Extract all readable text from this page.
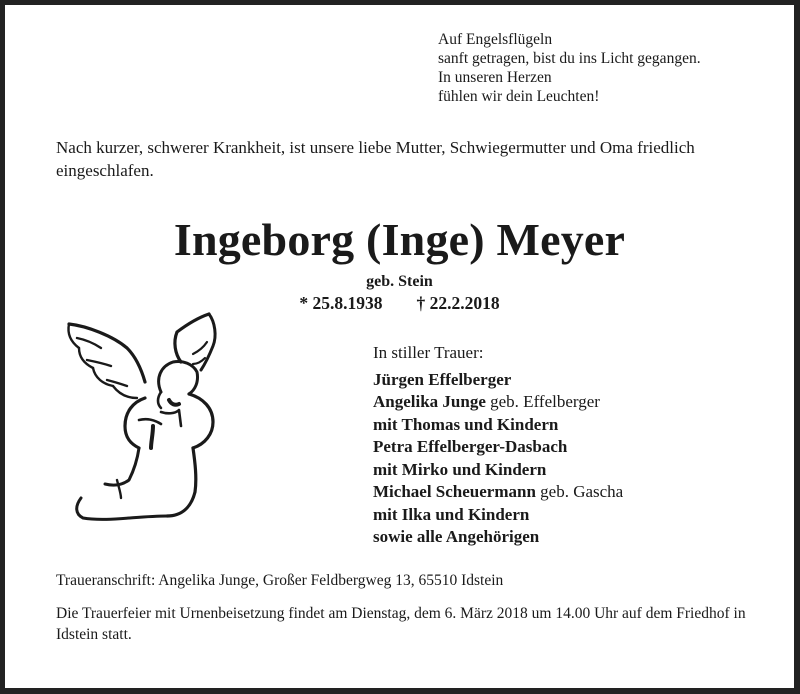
Auf Engelsflügeln
sanft getragen, bist du ins Licht gegangen.
In unseren Herzen
fühlen wir dein Leuchten!
Nach kurzer, schwerer Krankheit, ist unsere liebe Mutter, Schwiegermutter und Oma friedlich eingeschlafen.
Ingeborg (Inge) Meyer
geb. Stein
* 25.8.1938 † 22.2.2018
In stiller Trauer:
Jürgen Effelberger
Angelika Junge geb. Effelberger
mit Thomas und Kindern
Petra Effelberger-Dasbach
mit Mirko und Kindern
Michael Scheuermann geb. Gascha
mit Ilka und Kindern
sowie alle Angehörigen
Traueranschrift: Angelika Junge, Großer Feldbergweg 13, 65510 Idstein
Die Trauerfeier mit Urnenbeisetzung findet am Dienstag, dem 6. März 2018 um 14.00 Uhr auf dem Friedhof in Idstein statt.
